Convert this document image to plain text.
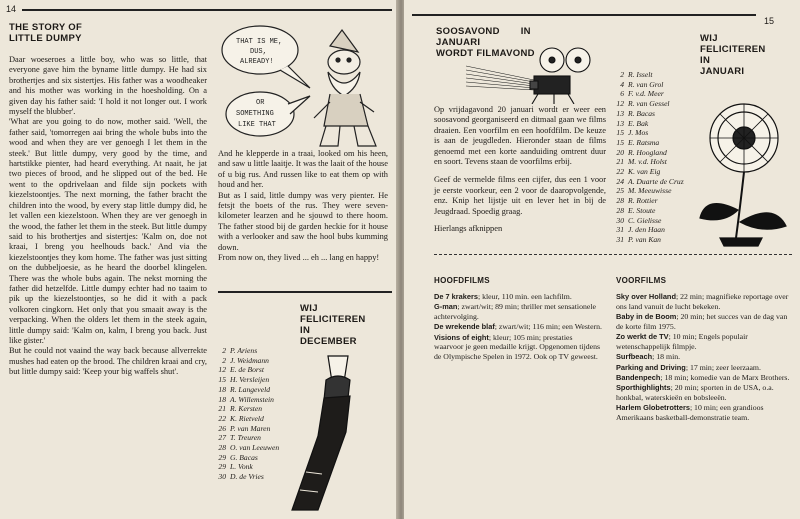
14
THE STORY OF LITTLE DUMPY

Daar woeseroes a little boy, who was so little, that everyone gave him the byname little dumpy. He had six brothertjes and six sistertjes. His father was a woodheaker and his mother was working in the hoesholding. On a given day his father said: 'I hold it not longer out. I work myself the blubber'.

'What are you going to do now, mother said. 'Well, the father said, 'tomorregen aai bring the whole bubs into the wood and when they are ver genoegh I let them in the steek.' But little dumpy, very good by the time, and hartstikke pienter, had heard everything. At naait, he jat two pieces of brood, and he slipped out of the bed. He went to the opdrivelaan and filde sijn pockets with kiezelstoontjes. The next morning, the father bracht the children into the wood, by every stap little dumpy did, he let vallen een kiezelstoon. When they are ver genoegh in the wood, the father let them in the steek. But little dumpy said to his brothertjes and sistertjes: 'Kalm on, doe not kraai, I breng you heelhouds back.' And via the kiezelstoontjes they kom home. The father was just sitting on the dubbeljoesie, as he heard the doorbel klingelen. There was the whole bubs again. The nekst morning the father did hetzelfde. Little dumpy echter had no taaim to pik up the kiezelstoontjes, so he did it with a pack volkoren cingkorn. Het only that you smaait away is the verpacking. When the olders let them in the steek again, little dumpy said: 'Kalm on, kalm, I breng you back. Just like gister.'

But he could not vaaind the way back because allverrekte mushes had eaten op the brood. The children kraai and cry, but little dumpy said: 'Keep your big waffels shut'.

THAT IS ME,
DUS,
ALREADY!
OR
SOMETHING
LIKE THAT

And he klepperde in a traai, looked om his heen, and saw u little laaitje. It was the laait of the house of u big rus. And russen like to eat them op with houd and her.

But as I said, little dumpy was very pienter. He fetsjt the boets of the rus. They were seven-kilometer learzen and he sjouwd to there hoom. The father stood bij de garden heckie for it house with a verlooker and saw the hool bubs kumming down.

From now on, they lived ... eh ... lang en happy!

WIJ
FELICITEREN
IN
DECEMBER
2 P. Ariens
2 J. Weidmann
12 E. de Borst
15 H. Versleijen
18 R. Langeveld
18 A. Willemstein
21 R. Kersten
22 K. Rietveld
26 P. van Maren
27 T. Treuren
28 O. van Leeuwen
29 G. Bacas
29 L. Vonk
30 D. de Vries
15
SOOSAVOND IN JANUARI
WORDT FILMAVOND
WIJ
FELICITEREN
IN
JANUARI
2 R. Isselt
4 R. van Grol
6 F. v.d. Meer
12 R. van Gessel
13 R. Bacas
13 E. Bak
15 J. Mos
15 E. Ratsma
20 R. Hoogland
21 M. v.d. Holst
22 K. van Eig
24 A. Duarte de Cruz
25 M. Meeuwisse
28 R. Rottier
28 E. Stoute
30 C. Gielisse
31 J. den Haan
31 P. van Kan

Op vrijdagavond 20 januari wordt er weer een soosavond georganiseerd en ditmaal gaan we films draaien. Een voorfilm en een hoofdfilm. De keuze is aan de jeugdleden. Hieronder staan de films genoemd met een korte aanduiding omtrent duur en soort. Tevens staan de voorfilms erbij.

Geef de vermelde films een cijfer, dus een 1 voor je eerste voorkeur, een 2 voor de daaropvolgende, enz. Knip het lijstje uit en lever het in bij de Jeugdraad. Spoedig graag.

Hierlangs afknippen

HOOFDFILMS

De 7 krakers; kleur, 110 min. een lachfilm.

G-man; zwart/wit; 89 min; thriller met sensationele achtervolging.

De wrekende blaf; zwart/wit; 116 min; een Western.

Visions of eight; kleur; 105 min; prestaties waarvoor je geen medaille krijgt. Opgenomen tijdens de Olympische Spelen in 1972. Ook op TV geweest.

VOORFILMS

Sky over Holland; 22 min; magnifieke reportage over ons land vanuit de lucht bekeken.

Baby in de Boom; 20 min; het succes van de dag van de korte film 1975.

Zo werkt de TV; 10 min; Engels populair wetenschappelijk filmpje.

Surfbeach; 18 min.

Parking and Driving; 17 min; zeer leerzaam.

Bandenpech; 18 min; komedie van de Marx Brothers.

Sporthighlights; 20 min; sporten in de USA, o.a. honkbal, waterskieën en bobsleeën.

Harlem Globetrotters; 10 min; een grandioos Amerikaans basketball-demonstratie team.
